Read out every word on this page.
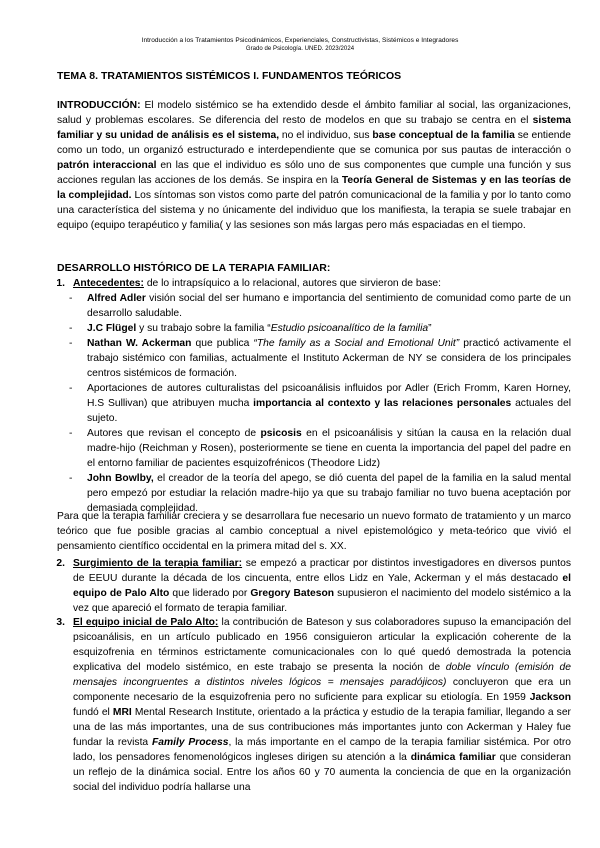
Introducción a los Tratamientos Psicodinámicos, Experienciales, Constructivistas, Sistémicos e Integradores
Grado de Psicología. UNED. 2023/2024
TEMA 8. TRATAMIENTOS SISTÉMICOS I. FUNDAMENTOS TEÓRICOS
INTRODUCCIÓN: El modelo sistémico se ha extendido desde el ámbito familiar al social, las organizaciones, salud y problemas escolares. Se diferencia del resto de modelos en que su trabajo se centra en el sistema familiar y su unidad de análisis es el sistema, no el individuo, sus base conceptual de la familia se entiende como un todo, un organizó estructurado e interdependiente que se comunica por sus pautas de interacción o patrón interaccional en las que el individuo es sólo uno de sus componentes que cumple una función y sus acciones regulan las acciones de los demás. Se inspira en la Teoría General de Sistemas y en las teorías de la complejidad. Los síntomas son vistos como parte del patrón comunicacional de la familia y por lo tanto como una característica del sistema y no únicamente del individuo que los manifiesta, la terapia se suele trabajar en equipo (equipo terapéutico y familia( y las sesiones son más largas pero más espaciadas en el tiempo.
DESARROLLO HISTÓRICO DE LA TERAPIA FAMILIAR:
1. Antecedentes: de lo intrapsíquico a lo relacional, autores que sirvieron de base:
- Alfred Adler visión social del ser humano e importancia del sentimiento de comunidad como parte de un desarrollo saludable.
- J.C Flügel y su trabajo sobre la familia “Estudio psicoanalítico de la familia”
- Nathan W. Ackerman que publica “The family as a Social and Emotional Unit” practicó activamente el trabajo sistémico con familias, actualmente el Instituto Ackerman de NY se considera de los principales centros sistémicos de formación.
- Aportaciones de autores culturalistas del psicoanálisis influidos por Adler (Erich Fromm, Karen Horney, H.S Sullivan) que atribuyen mucha importancia al contexto y las relaciones personales actuales del sujeto.
- Autores que revisan el concepto de psicosis en el psicoanálisis y sitúan la causa en la relación dual madre-hijo (Reichman y Rosen), posteriormente se tiene en cuenta la importancia del papel del padre en el entorno familiar de pacientes esquizofrénicos (Theodore Lidz)
- John Bowlby, el creador de la teoría del apego, se dió cuenta del papel de la familia en la salud mental pero empezó por estudiar la relación madre-hijo ya que su trabajo familiar no tuvo buena aceptación por demasiada complejidad.
Para que la terapia familiar creciera y se desarrollara fue necesario un nuevo formato de tratamiento y un marco teórico que fue posible gracias al cambio conceptual a nivel epistemológico y meta-teórico que vivió el pensamiento científico occidental en la primera mitad del s. XX.
2. Surgimiento de la terapia familiar: se empezó a practicar por distintos investigadores en diversos puntos de EEUU durante la década de los cincuenta, entre ellos Lidz en Yale, Ackerman y el más destacado el equipo de Palo Alto que liderado por Gregory Bateson supusieron el nacimiento del modelo sistémico a la vez que apareció el formato de terapia familiar.
3. El equipo inicial de Palo Alto: la contribución de Bateson y sus colaboradores supuso la emancipación del psicoanálisis, en un artículo publicado en 1956 consiguieron articular la explicación coherente de la esquizofrenia en términos estrictamente comunicacionales con lo qué quedó demostrada la potencia explicativa del modelo sistémico, en este trabajo se presenta la noción de doble vínculo (emisión de mensajes incongruentes a distintos niveles lógicos = mensajes paradójicos) concluyeron que era un componente necesario de la esquizofrenia pero no suficiente para explicar su etiología. En 1959 Jackson fundó el MRI Mental Research Institute, orientado a la práctica y estudio de la terapia familiar, llegando a ser una de las más importantes, una de sus contribuciones más importantes junto con Ackerman y Haley fue fundar la revista Family Process, la más importante en el campo de la terapia familiar sistémica. Por otro lado, los pensadores fenomenológicos ingleses dirigen su atención a la dinámica familiar que consideran un reflejo de la dinámica social. Entre los años 60 y 70 aumenta la conciencia de que en la organización social del individuo podría hallarse una
